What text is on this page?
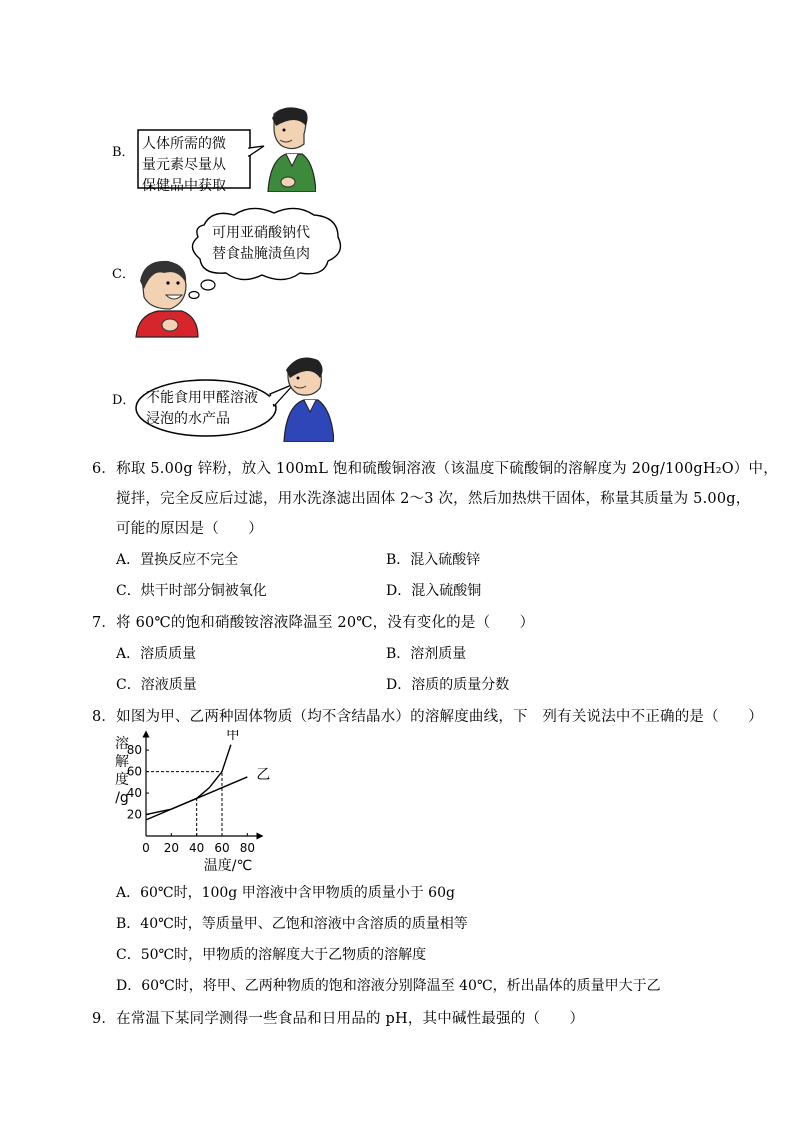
B．
人体所需的微
量元素尽量从
保健品中获取
C．
可用亚硝酸钠代
替食盐腌渍鱼肉
D． 不能食用甲醛溶液
浸泡的水产品
6．称取 5.00g 锌粉，放入 100mL 饱和硫酸铜溶液（该温度下硫酸铜的溶解度为 20g/100gH₂O）中，
搅拌，完全反应后过滤，用水洗涤滤出固体 2～3 次，然后加热烘干固体，称量其质量为 5.00g，
可能的原因是（　　）
A．置换反应不完全	B．混入硫酸锌
C．烘干时部分铜被氧化	D．混入硫酸铜
7．将 60℃的饱和硝酸铵溶液降温至 20℃，没有变化的是（　　）
A．溶质质量	B．溶剂质量
C．溶液质量	D．溶质的质量分数
8．如图为甲、乙两种固体物质（均不含结晶水）的溶解度曲线，下　列有关说法中不正确的是（　　）
20
40
60
80
0 20 40 60 80
甲
乙
溶
解
度
/g
温度/℃
A．60℃时，100g 甲溶液中含甲物质的质量小于 60g
B．40℃时，等质量甲、乙饱和溶液中含溶质的质量相等
C．50℃时，甲物质的溶解度大于乙物质的溶解度
D．60℃时，将甲、乙两种物质的饱和溶液分别降温至 40℃，析出晶体的质量甲大于乙
9．在常温下某同学测得一些食品和日用品的 pH，其中碱性最强的（　　）
